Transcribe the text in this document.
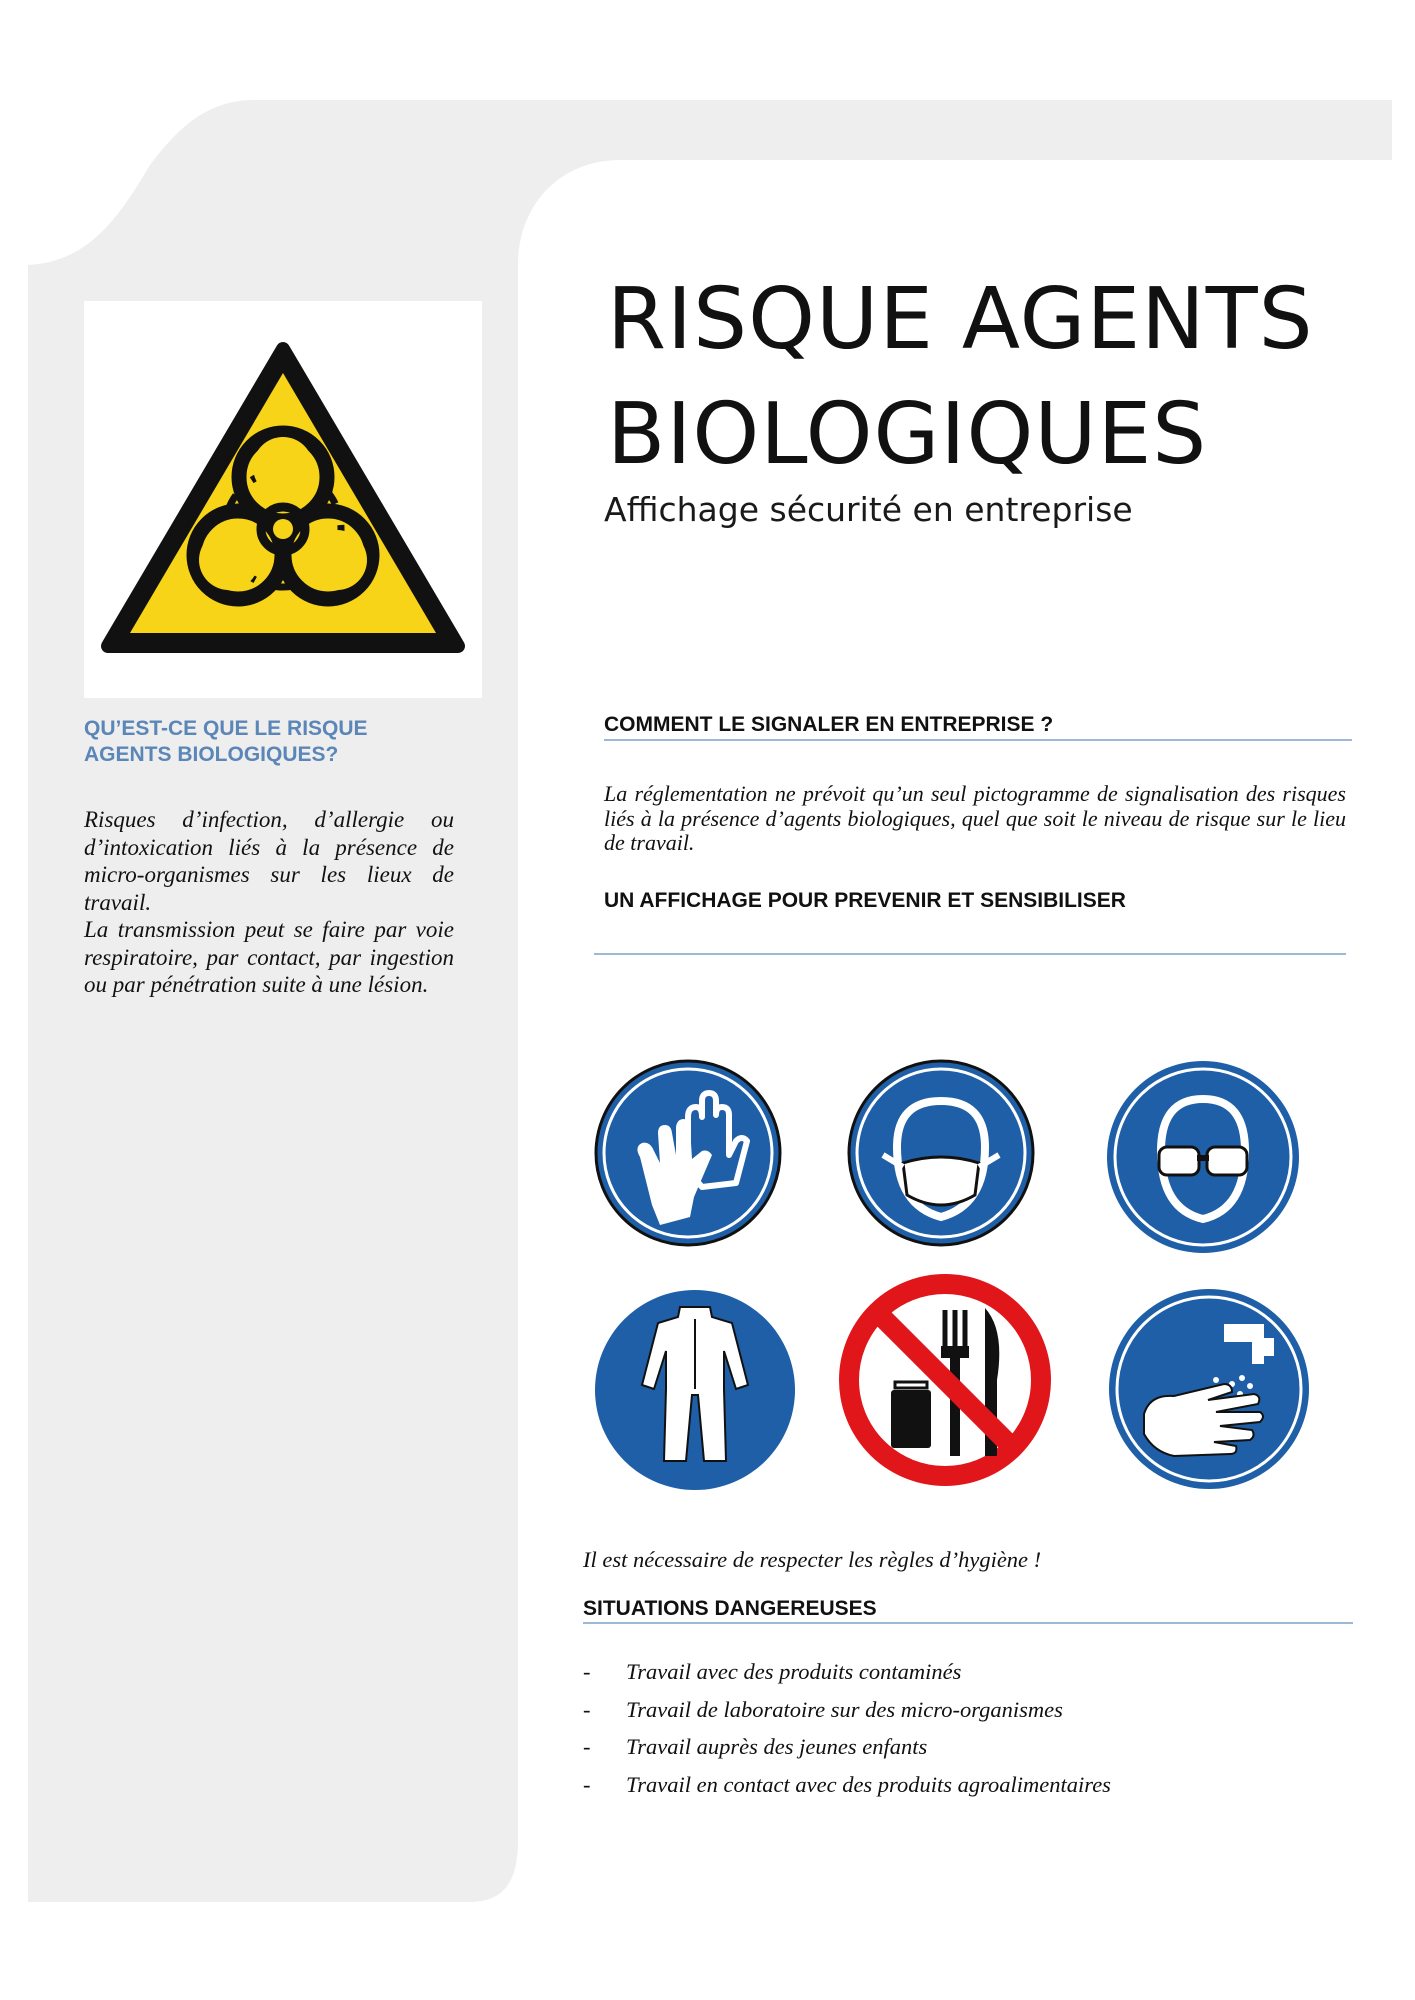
RISQUE AGENTS
BIOLOGIQUES
Affichage sécurité en entreprise
QU’EST-CE QUE LE RISQUE
AGENTS BIOLOGIQUES?

Risques d’infection, d’allergie ou d’intoxication liés à la présence de micro-organismes sur les lieux de travail.

La transmission peut se faire par voie respiratoire, par contact, par ingestion ou par pénétration suite à une lésion.

COMMENT LE SIGNALER EN ENTREPRISE ?
La réglementation ne prévoit qu’un seul pictogramme de signalisation des risques liés à la présence d’agents biologiques, quel que soit le niveau de risque sur le lieu de travail.
UN AFFICHAGE POUR PREVENIR ET SENSIBILISER
Il est nécessaire de respecter les règles d’hygiène !
SITUATIONS DANGEREUSES
-	Travail avec des produits contaminés
-	Travail de laboratoire sur des micro-organismes
-	Travail auprès des jeunes enfants
-	Travail en contact avec des produits agroalimentaires
